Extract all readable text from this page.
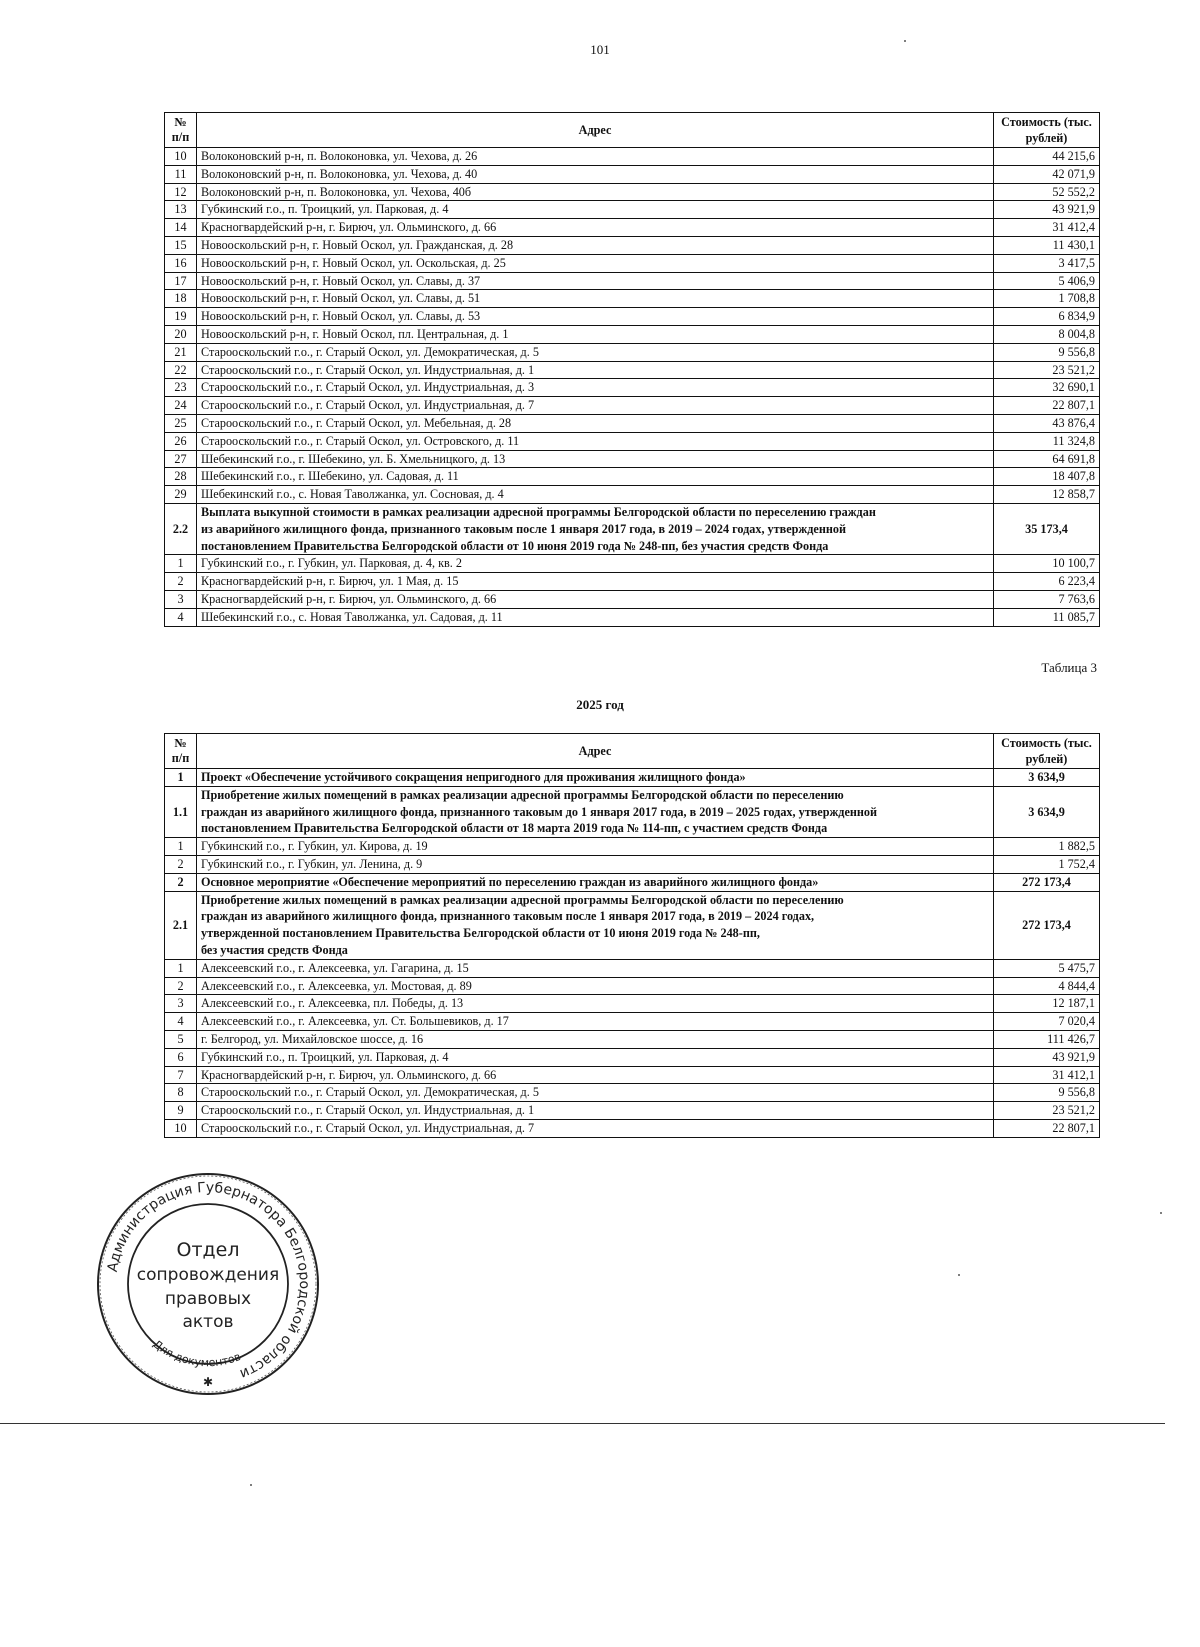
101
№ п/п	Адрес	Стоимость (тыс. рублей)
10	Волоконовский р-н, п. Волоконовка, ул. Чехова, д. 26	44 215,6
11	Волоконовский р-н, п. Волоконовка, ул. Чехова, д. 40	42 071,9
12	Волоконовский р-н, п. Волоконовка, ул. Чехова, 40б	52 552,2
13	Губкинский г.о., п. Троицкий, ул. Парковая, д. 4	43 921,9
14	Красногвардейский р-н, г. Бирюч, ул. Ольминского, д. 66	31 412,4
15	Новооскольский р-н, г. Новый Оскол, ул. Гражданская, д. 28	11 430,1
16	Новооскольский р-н, г. Новый Оскол, ул. Оскольская, д. 25	3 417,5
17	Новооскольский р-н, г. Новый Оскол, ул. Славы, д. 37	5 406,9
18	Новооскольский р-н, г. Новый Оскол, ул. Славы, д. 51	1 708,8
19	Новооскольский р-н, г. Новый Оскол, ул. Славы, д. 53	6 834,9
20	Новооскольский р-н, г. Новый Оскол, пл. Центральная, д. 1	8 004,8
21	Старооскольский г.о., г. Старый Оскол, ул. Демократическая, д. 5	9 556,8
22	Старооскольский г.о., г. Старый Оскол, ул. Индустриальная, д. 1	23 521,2
23	Старооскольский г.о., г. Старый Оскол, ул. Индустриальная, д. 3	32 690,1
24	Старооскольский г.о., г. Старый Оскол, ул. Индустриальная, д. 7	22 807,1
25	Старооскольский г.о., г. Старый Оскол, ул. Мебельная, д. 28	43 876,4
26	Старооскольский г.о., г. Старый Оскол, ул. Островского, д. 11	11 324,8
27	Шебекинский г.о., г. Шебекино, ул. Б. Хмельницкого, д. 13	64 691,8
28	Шебекинский г.о., г. Шебекино, ул. Садовая, д. 11	18 407,8
29	Шебекинский г.о., с. Новая Таволжанка, ул. Сосновая, д. 4	12 858,7
2.2	Выплата выкупной стоимости в рамках реализации адресной программы Белгородской области по переселению граждан
из аварийного жилищного фонда, признанного таковым после 1 января 2017 года, в 2019 – 2024 годах, утвержденной
постановлением Правительства Белгородской области от 10 июня 2019 года № 248-пп, без участия средств Фонда	35 173,4
1	Губкинский г.о., г. Губкин, ул. Парковая, д. 4, кв. 2	10 100,7
2	Красногвардейский р-н, г. Бирюч, ул. 1 Мая, д. 15	6 223,4
3	Красногвардейский р-н, г. Бирюч, ул. Ольминского, д. 66	7 763,6
4	Шебекинский г.о., с. Новая Таволжанка, ул. Садовая, д. 11	11 085,7
Таблица 3
2025 год
№ п/п	Адрес	Стоимость (тыс. рублей)
1	Проект «Обеспечение устойчивого сокращения непригодного для проживания жилищного фонда»	3 634,9
1.1	Приобретение жилых помещений в рамках реализации адресной программы Белгородской области по переселению
граждан из аварийного жилищного фонда, признанного таковым до 1 января 2017 года, в 2019 – 2025 годах, утвержденной
постановлением Правительства Белгородской области от 18 марта 2019 года № 114-пп, с участием средств Фонда	3 634,9
1	Губкинский г.о., г. Губкин, ул. Кирова, д. 19	1 882,5
2	Губкинский г.о., г. Губкин, ул. Ленина, д. 9	1 752,4
2	Основное мероприятие «Обеспечение мероприятий по переселению граждан из аварийного жилищного фонда»	272 173,4
2.1	Приобретение жилых помещений в рамках реализации адресной программы Белгородской области по переселению
граждан из аварийного жилищного фонда, признанного таковым после 1 января 2017 года, в 2019 – 2024 годах,
утвержденной постановлением Правительства Белгородской области от 10 июня 2019 года № 248-пп,
без участия средств Фонда	272 173,4
1	Алексеевский г.о., г. Алексеевка, ул. Гагарина, д. 15	5 475,7
2	Алексеевский г.о., г. Алексеевка, ул. Мостовая, д. 89	4 844,4
3	Алексеевский г.о., г. Алексеевка, пл. Победы, д. 13	12 187,1
4	Алексеевский г.о., г. Алексеевка, ул. Ст. Большевиков, д. 17	7 020,4
5	г. Белгород, ул. Михайловское шоссе, д. 16	111 426,7
6	Губкинский г.о., п. Троицкий, ул. Парковая, д. 4	43 921,9
7	Красногвардейский р-н, г. Бирюч, ул. Ольминского, д. 66	31 412,1
8	Старооскольский г.о., г. Старый Оскол, ул. Демократическая, д. 5	9 556,8
9	Старооскольский г.о., г. Старый Оскол, ул. Индустриальная, д. 1	23 521,2
10	Старооскольский г.о., г. Старый Оскол, ул. Индустриальная, д. 7	22 807,1
Администрация Губернатора Белгородской области
Отдел
сопровождения
правовых
актов
Для документов
✱
